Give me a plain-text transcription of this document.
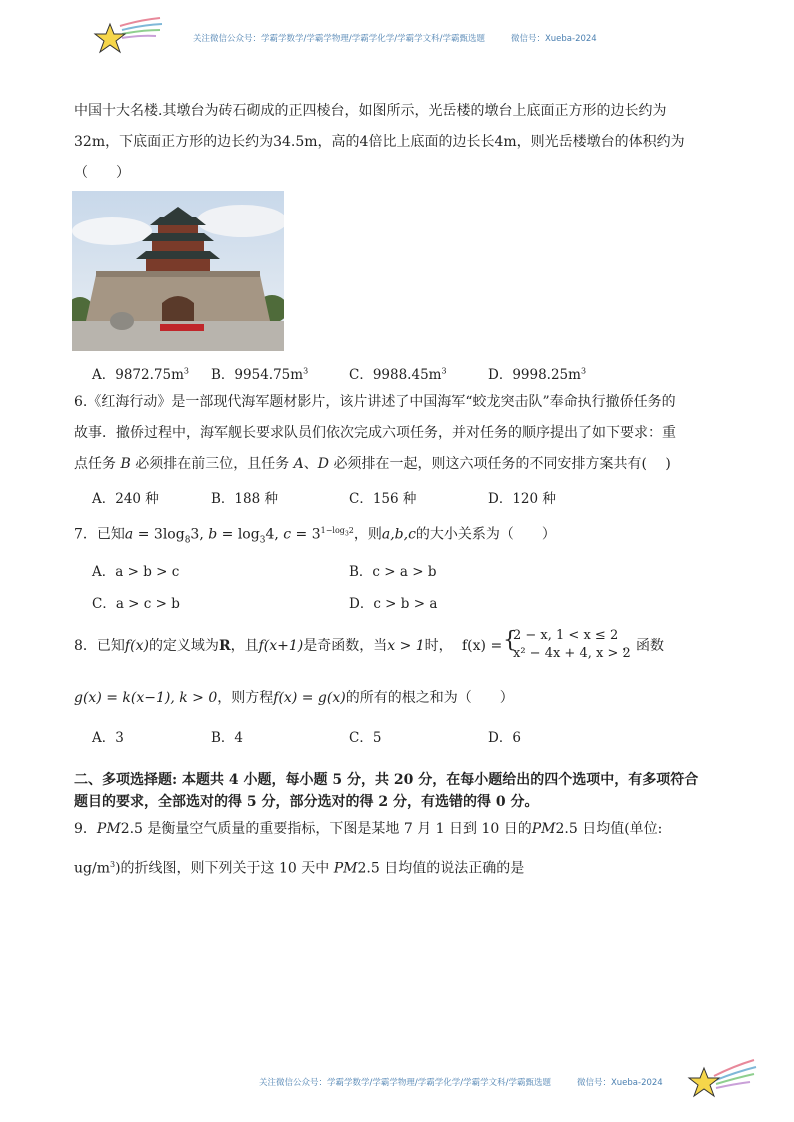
关注微信公众号：学霸学数学/学霸学物理/学霸学化学/学霸学文科/学霸甄选题	微信号：Xueba-2024
中国十大名楼.其墩台为砖石砌成的正四棱台，如图所示，光岳楼的墩台上底面正方形的边长约为
32m，下底面正方形的边长约为34.5m，高的4倍比上底面的边长长4m，则光岳楼墩台的体积约为
（　　）
A．$9872.75m^3$ B．$9954.75m^3$	C．$9988.45m^3$	D．$9998.25m^3$
6.《红海行动》是一部现代海军题材影片，该片讲述了中国海军“蛟龙突击队”奉命执行撤侨任务的
故事．撤侨过程中，海军舰长要求队员们依次完成六项任务，并对任务的顺序提出了如下要求：重
点任务 B 必须排在前三位，且任务 A、D 必须排在一起，则这六项任务的不同安排方案共有(　 )
A．240 种	B．188 种	C．156 种	D．120 种
7．已知$a = 3\log_83$, $b = \log_34$, $c = 3^{1-log_32}$，则a,b,c的大小关系为（　　）
A．a > b > c	B．c > a > b
C．a > c > b	D．c > b > a
8．已知f(x)的定义域为R，且f(x+1)是奇函数，当x > 1时， f(x) = {
2 − x, 1 < x ≤ 2
x² − 4x + 4, x > 2
，函数
g(x) = k(x−1), k > 0，则方程f(x) = g(x)的所有的根之和为（　　）
A．3	B．4	C．5	D．6
二、多项选择题: 本题共 4 小题，每小题 5 分，共 20 分，在每小题给出的四个选项中，有多项符合
题目的要求，全部选对的得 5 分，部分选对的得 2 分，有选错的得 0 分。
9．PM2.5 是衡量空气质量的重要指标，下图是某地 7 月 1 日到 10 日的PM2.5 日均值(单位:
$ug/m^3$)的折线图，则下列关于这 10 天中 PM2.5 日均值的说法正确的是
关注微信公众号：学霸学数学/学霸学物理/学霸学化学/学霸学文科/学霸甄选题	微信号：Xueba-2024
